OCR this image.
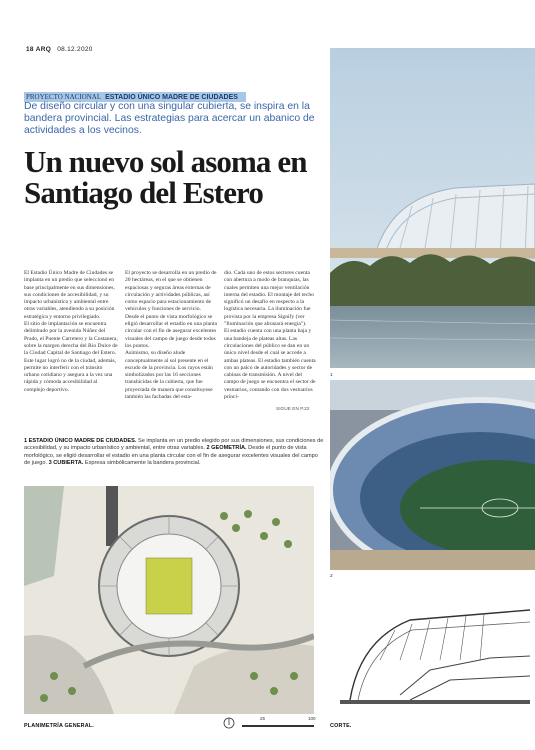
18 ARQ 08.12.2020
PROYECTO NACIONAL ESTADIO ÚNICO MADRE DE CIUDADES
De diseño circular y con una singular cubierta, se inspira en la bandera provincial. Las estrategias para acercar un abanico de actividades a los vecinos.
Un nuevo sol asoma en Santiago del Estero

El Estadio Único Madre de Ciudades se implanta en un predio que seleccionó en base principalmente en sus dimensiones, sus condiciones de accesibilidad, y su impacto urbanístico y ambiental entre otras variables, atendiendo a su posición estratégica y entorno privilegiado.

El sitio de implantación se encuentra delimitado por la avenida Núñez del Prado, el Puente Carretero y la Costanera, sobre la margen derecha del Río Dulce de la Ciudad Capital de Santiago del Estero. Este lugar logró no de la ciudad, además, permite no interferir con el tránsito urbano cotidiano y asegura a la vez una rápida y cómoda accesibilidad al complejo deportivo.

El proyecto se desarrolla en un predio de 20 hectáreas, en el que se obtienen espaciosas y seguras áreas externas de circulación y actividades públicas, así como espacio para estacionamiento de vehículos y funciones de servicio.

Desde el punto de vista morfológico se eligió desarrollar el estadio en una planta circular con el fin de asegurar excelentes visuales del campo de juego desde todos los puntos.

Asimismo, su diseño alude conceptualmente al sol presente en el escudo de la provincia. Los rayos están simbolizados por las 16 secciones translúcidas de la cubierta, que fue proyectada de manera que constituyese también las fachadas del esta-

dio. Cada uno de estos sectores cuenta con abertura a modo de branquias, las cuales permiten una mejor ventilación interna del estadio. El montaje del techo significó un desafío en respecto a la logística necesaria. La iluminación fue provista por la empresa Signify (ver "Iluminación que abrazará energía").

El estadio cuenta con una planta baja y una bandeja de plateas altas. Las circulaciones del público se dan en un único nivel desde el cual se accede a ambas plateas. El estadio también cuenta con un palco de autoridades y sector de cabinas de transmisión. A nivel del campo de juego se encuentra el sector de vestuarios, contando con dos vestuarios princi-

SIGUE EN P.22
1 ESTADIO ÚNICO MADRE DE CIUDADES. Se implanta en un predio elegido por sus dimensiones, sus condiciones de accesibilidad, y su impacto urbanístico y ambiental, entre otras variables. 2 GEOMETRÍA. Desde el punto de vista morfológico, se eligió desarrollar el estadio en una planta circular con el fin de asegurar excelentes visuales del campo de juego. 3 CUBIERTA. Expresa simbólicamente la bandera provincial.
1
2
PLANIMETRÍA GENERAL.	CORTE.
25	100
